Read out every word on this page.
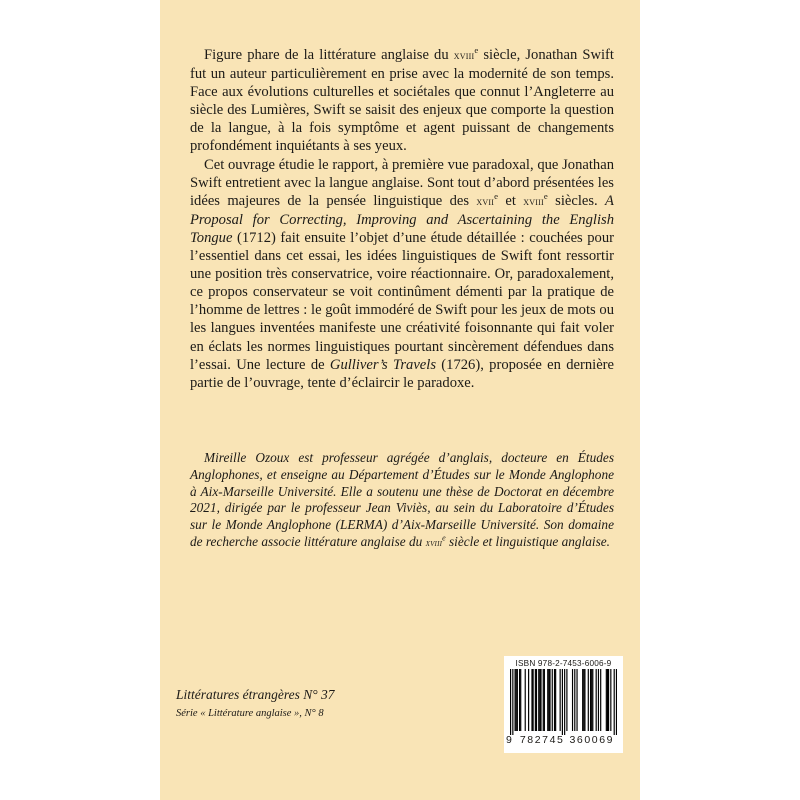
Figure phare de la littérature anglaise du xviii$^e$ siècle, Jonathan Swift fut un auteur particulièrement en prise avec la modernité de son temps. Face aux évolutions culturelles et sociétales que connut l’Angleterre au siècle des Lumières, Swift se saisit des enjeux que comporte la question de la langue, à la fois symptôme et agent puissant de changements profondément inquiétants à ses yeux.

Cet ouvrage étudie le rapport, à première vue paradoxal, que Jonathan Swift entretient avec la langue anglaise. Sont tout d’abord présentées les idées majeures de la pensée linguistique des xvii$^e$ et xviii$^e$ siècles. A Proposal for Correcting, Improving and Ascertaining the English Tongue (1712) fait ensuite l’objet d’une étude détaillée : couchées pour l’essentiel dans cet essai, les idées linguistiques de Swift font ressortir une position très conservatrice, voire réactionnaire. Or, paradoxalement, ce propos conservateur se voit continûment démenti par la pratique de l’homme de lettres : le goût immodéré de Swift pour les jeux de mots ou les langues inventées manifeste une créativité foisonnante qui fait voler en éclats les normes linguistiques pourtant sincèrement défendues dans l’essai. Une lecture de Gulliver’s Travels (1726), proposée en dernière partie de l’ouvrage, tente d’éclaircir le paradoxe.

Mireille Ozoux est professeur agrégée d’anglais, docteure en Études Anglophones, et enseigne au Département d’Études sur le Monde Anglophone à Aix-Marseille Université. Elle a soutenu une thèse de Doctorat en décembre 2021, dirigée par le professeur Jean Viviès, au sein du Laboratoire d’Études sur le Monde Anglophone (LERMA) d’Aix-Marseille Université. Son domaine de recherche associe littérature anglaise du xviii$^e$ siècle et linguistique anglaise.

Littératures étrangères N° 37
Série « Littérature anglaise », N° 8
ISBN 978-2-7453-6006-9
9 782745 360069
